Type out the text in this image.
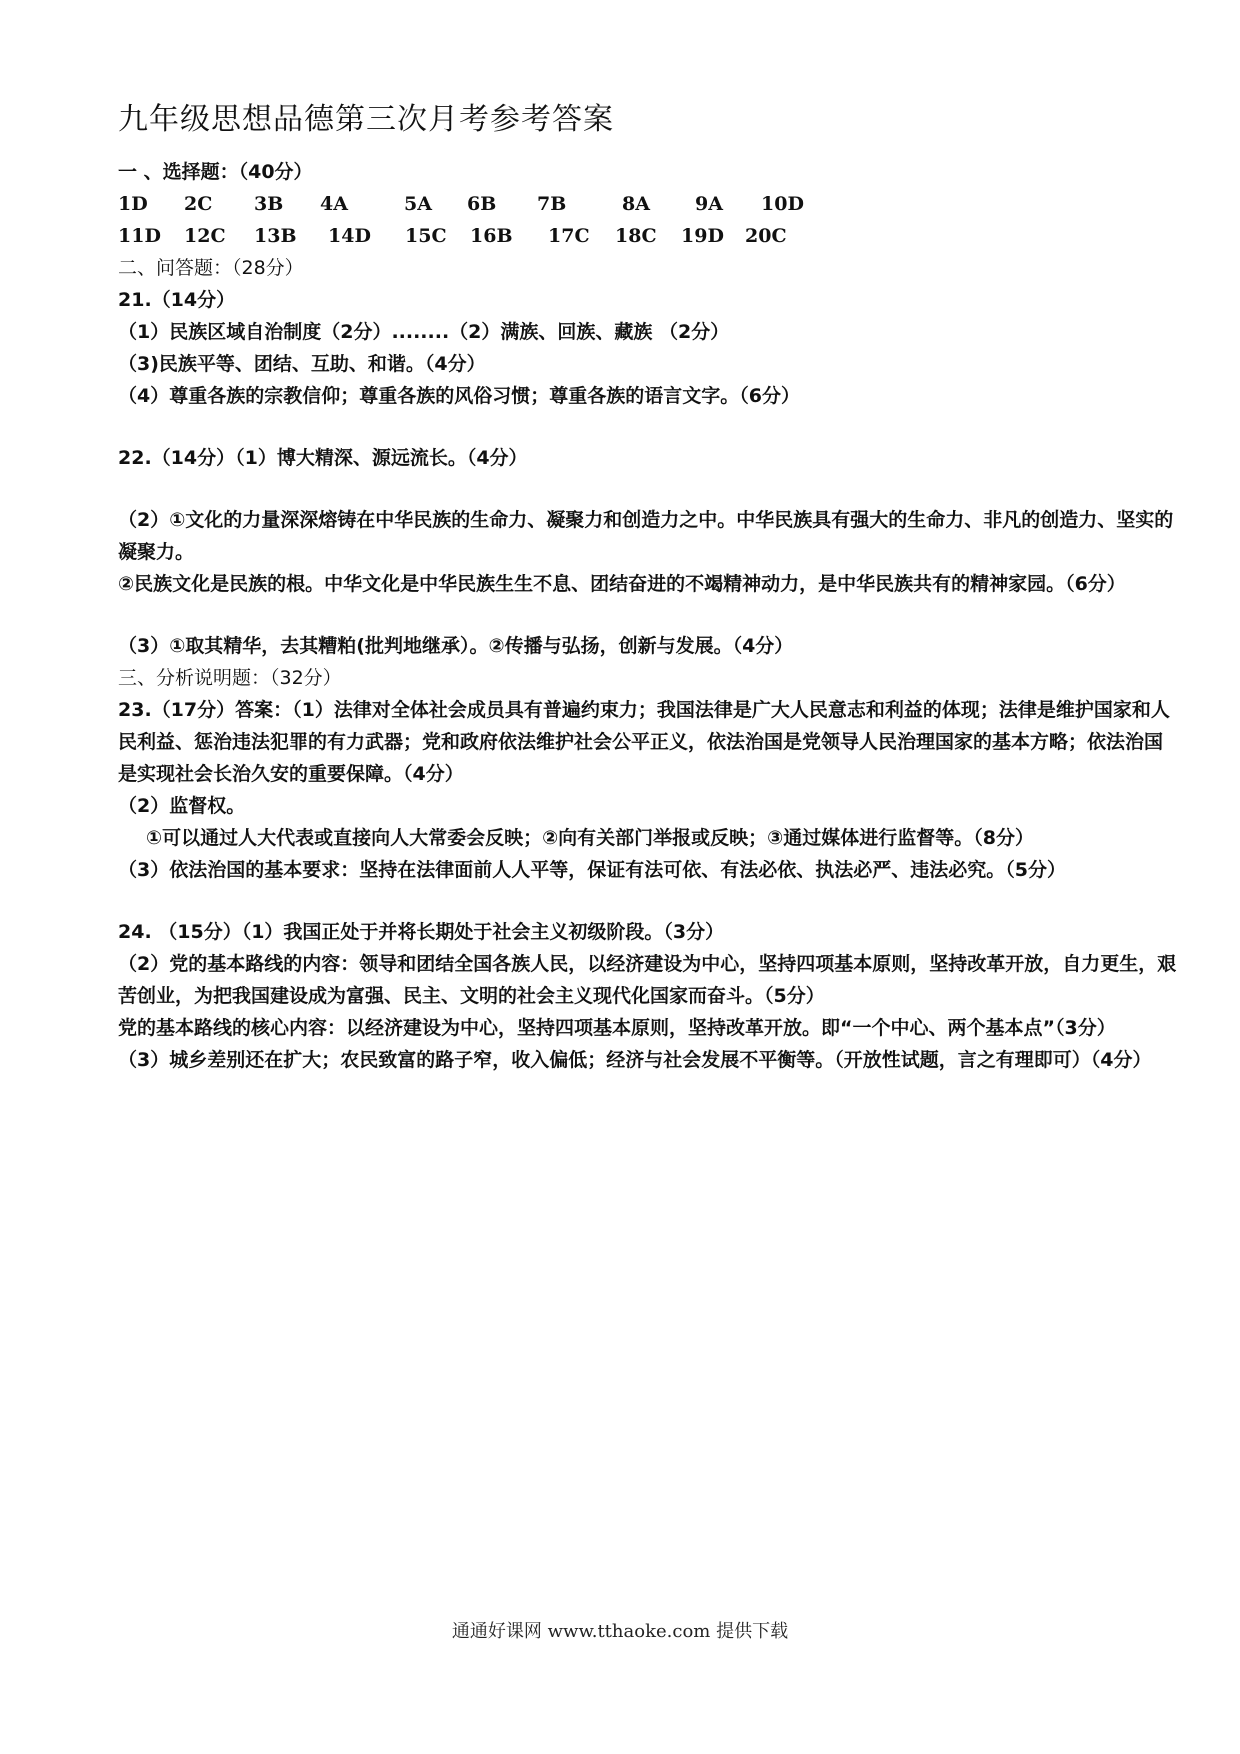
九年级思想品德第三次月考参考答案

一 、选择题：（40分）

1D	2C	3B	4A	5A	6B	7B	8A	9A	10D
11D	12C	13B	14D	15C	16B	17C	18C	19D	20C

二、问答题：（28分）

21.（14分）

（1）民族区域自治制度（2分）........（2）满族、回族、藏族 （2分）

（3)民族平等、团结、互助、和谐。（4分）

（4）尊重各族的宗教信仰；尊重各族的风俗习惯；尊重各族的语言文字。（6分）

22.（14分）（1）博大精深、源远流长。（4分）

（2）①文化的力量深深熔铸在中华民族的生命力、凝聚力和创造力之中。中华民族具有强大的生命力、非凡的创造力、坚实的凝聚力。

②民族文化是民族的根。中华文化是中华民族生生不息、团结奋进的不竭精神动力，是中华民族共有的精神家园。（6分）

（3）①取其精华，去其糟粕(批判地继承）。②传播与弘扬，创新与发展。（4分）

三、分析说明题：（32分）

23.（17分）答案：（1）法律对全体社会成员具有普遍约束力；我国法律是广大人民意志和利益的体现；法律是维护国家和人民利益、惩治违法犯罪的有力武器；党和政府依法维护社会公平正义，依法治国是党领导人民治理国家的基本方略；依法治国是实现社会长治久安的重要保障。（4分）

（2）监督权。

①可以通过人大代表或直接向人大常委会反映；②向有关部门举报或反映；③通过媒体进行监督等。（8分）

（3）依法治国的基本要求：坚持在法律面前人人平等，保证有法可依、有法必依、执法必严、违法必究。（5分）

24. （15分）（1）我国正处于并将长期处于社会主义初级阶段。（3分）

（2）党的基本路线的内容：领导和团结全国各族人民，以经济建设为中心，坚持四项基本原则，坚持改革开放，自力更生，艰苦创业，为把我国建设成为富强、民主、文明的社会主义现代化国家而奋斗。（5分）

党的基本路线的核心内容：以经济建设为中心，坚持四项基本原则，坚持改革开放。即“一个中心、两个基本点”（3分）

（3）城乡差别还在扩大；农民致富的路子窄，收入偏低；经济与社会发展不平衡等。（开放性试题，言之有理即可）（4分）

通通好课网 www.tthaoke.com 提供下载
